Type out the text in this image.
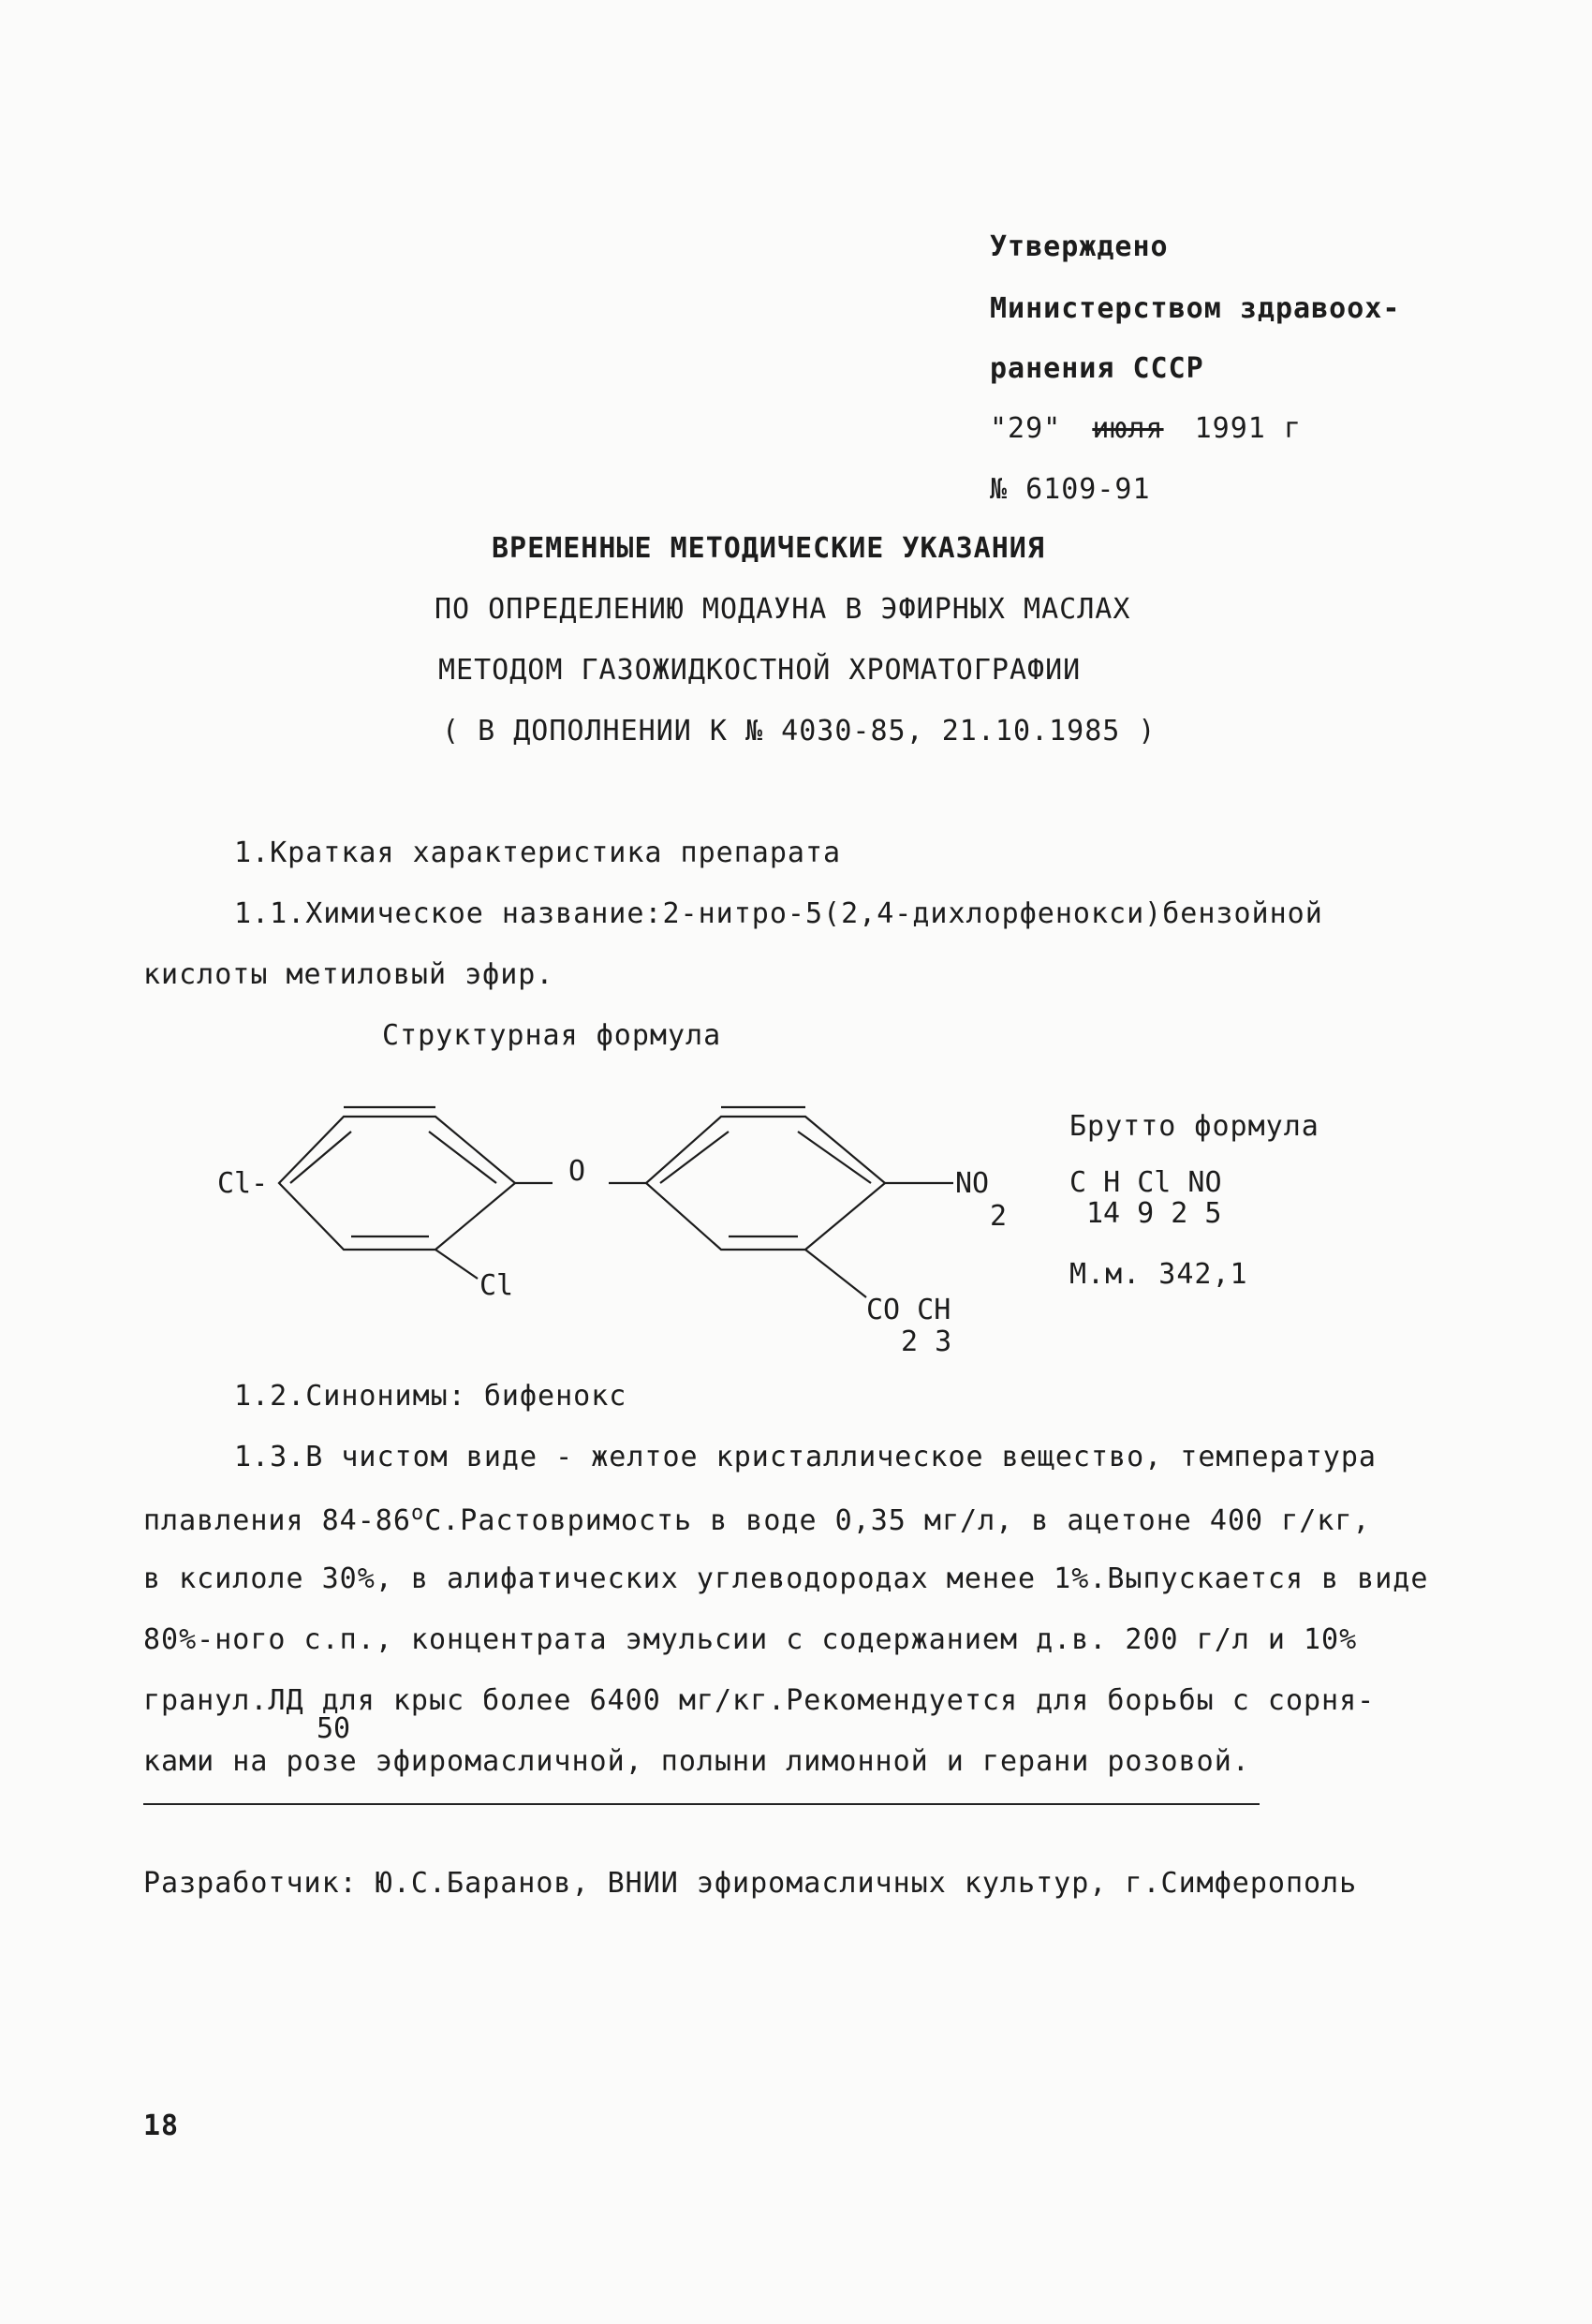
Утверждено
Министерством здравоох-
ранения СССР
"29" июля 1991 г
№ 6109-91
ВРЕМЕННЫЕ МЕТОДИЧЕСКИЕ УКАЗАНИЯ
ПО ОПРЕДЕЛЕНИЮ МОДАУНА В ЭФИРНЫХ МАСЛАХ
МЕТОДОМ ГАЗОЖИДКОСТНОЙ ХРОМАТОГРАФИИ
( В ДОПОЛНЕНИИ К № 4030-85, 21.10.1985 )
1.Краткая характеристика препарата
1.1.Химическое название:2-нитро-5(2,4-дихлорфенокси)бензойной
кислоты метиловый эфир.
Структурная формула
Cl-
Cl
O	NO
2
CO CH
2 3
Брутто формула
C H Cl NO
14 9 2 5
М.м. 342,1
1.2.Синонимы: бифенокс
1.3.В чистом виде - желтое кристаллическое вещество, температура
плавления 84-86$^o$С.Растовримость в воде 0,35 мг/л, в ацетоне 400 г/кг,
в ксилоле 30%, в алифатических углеводородах менее 1%.Выпускается в виде
80%-ного с.п., концентрата эмульсии с содержанием д.в. 200 г/л и 10%
гранул.ЛД для крыс более 6400 мг/кг.Рекомендуется для борьбы с сорня-
50
ками на розе эфиромасличной, полыни лимонной и герани розовой.
Разработчик: Ю.С.Баранов, ВНИИ эфиромасличных культур, г.Симферополь
18
